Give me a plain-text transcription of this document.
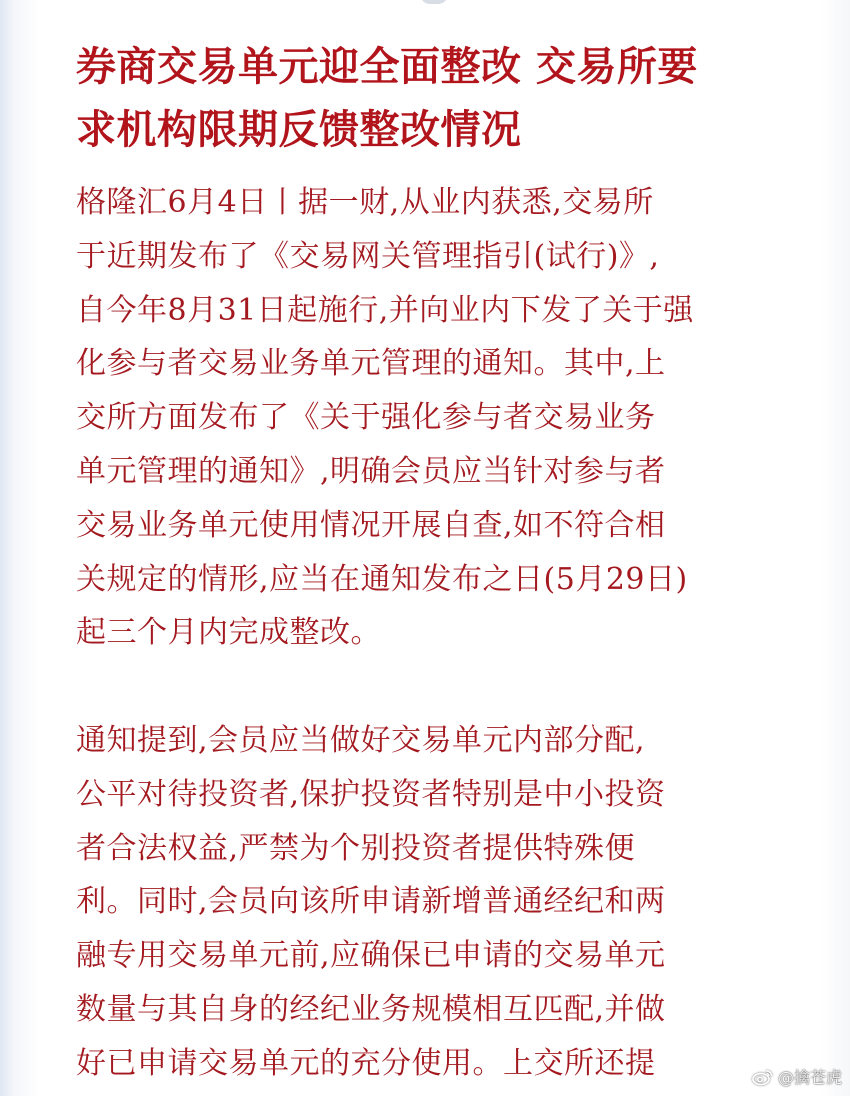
券商交易单元迎全面整改 交易所要
求机构限期反馈整改情况
格隆汇6月4日丨据一财,从业内获悉,交易所
于近期发布了《交易网关管理指引(试行)》,
自今年8月31日起施行,并向业内下发了关于强
化参与者交易业务单元管理的通知。其中,上
交所方面发布了《关于强化参与者交易业务
单元管理的通知》,明确会员应当针对参与者
交易业务单元使用情况开展自查,如不符合相
关规定的情形,应当在通知发布之日(5月29日)
起三个月内完成整改。
通知提到,会员应当做好交易单元内部分配,
公平对待投资者,保护投资者特别是中小投资
者合法权益,严禁为个别投资者提供特殊便
利。同时,会员向该所申请新增普通经纪和两
融专用交易单元前,应确保已申请的交易单元
数量与其自身的经纪业务规模相互匹配,并做
好已申请交易单元的充分使用。上交所还提	@擒苍虎
